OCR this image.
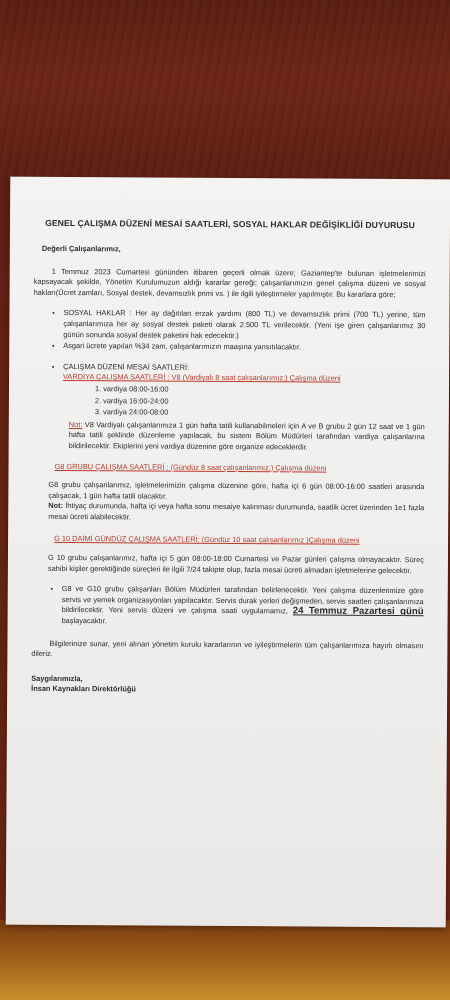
GENEL ÇALIŞMA DÜZENİ MESAİ SAATLERİ, SOSYAL HAKLAR DEĞİŞİKLİĞİ DUYURUSU
Değerli Çalışanlarımız,
1 Temmuz 2023 Cumartesi gününden itibaren geçerli olmak üzere; Gaziantep'te bulunan işletmelerimizi kapsayacak şekilde, Yönetim Kurulumuzun aldığı kararlar gereği; çalışanlarımızın genel çalışma düzeni ve sosyal hakları(Ücret zamları, Sosyal destek, devamsızlık primi vs. ) ile ilgili iyileştirmeler yapılmıştır. Bu kararlara göre;
• SOSYAL HAKLAR : Her ay dağıtılan erzak yardımı (800 TL) ve devamsızlık primi (700 TL) yerine, tüm çalışanlarımıza her ay sosyal destek paketi olarak 2.500 TL verilecektir. (Yeni işe giren çalışanlarımız 30 günün sonunda sosyal destek paketini hak edecektir.)
• Asgari ücrete yapılan %34 zam, çalışanlarımızın maaşına yansıtılacaktır.
• ÇALIŞMA DÜZENİ MESAİ SAATLERİ:
VARDİYA ÇALIŞMA SAATLERİ : V8 (Vardiyalı 8 saat çalışanlarımız;) Çalışma düzeni
1. vardiya 08:00-16:00
2. vardiya 16:00-24:00
3. vardiya 24:00-08:00
Not: V8 Vardiyalı çalışanlarımıza 1 gün hafta tatili kullanabilmeleri için A ve B grubu 2 gün 12 saat ve 1 gün hafta tatili şeklinde düzenleme yapılacak, bu sistem Bölüm Müdürleri tarafından vardiya çalışanlarına bildirilecektir. Ekiplerini yeni vardiya düzenine göre organize edeceklerdir.
G8 GRUBU ÇALIŞMA SAATLERİ : (Gündüz 8 saat çalışanlarımız;) Çalışma düzeni
G8 grubu çalışanlarımız, işletmelerimizin çalışma düzenine göre, hafta içi 6 gün 08:00-16:00 saatleri arasında çalışacak, 1 gün hafta tatili olacaktır.
Not: İhtiyaç durumunda, hafta içi veya hafta sonu mesaiye kalınması durumunda, saatlik ücret üzerinden 1e1 fazla mesai ücreti alabilecektir.
G 10 DAİMİ GÜNDÜZ ÇALIŞMA SAATLERİ: (Gündüz 10 saat çalışanlarımız )Çalışma düzeni
G 10 grubu çalışanlarımız, hafta içi 5 gün 08:00-18:00 Cumartesi ve Pazar günleri çalışma olmayacaktır. Süreç sahibi kişiler gerektiğinde süreçleri ile ilgili 7/24 takipte olup, fazla mesai ücreti almadan işletmelerine gelecektir.
• G8 ve G10 grubu çalışanları Bölüm Müdürleri tarafından belirlenecektir. Yeni çalışma düzenlerimize göre servis ve yemek organizasyonları yapılacaktır. Servis durak yerleri değişmeden, servis saatleri çalışanlarımıza bildirilecektir. Yeni servis düzeni ve çalışma saati uygulamamız, 24 Temmuz Pazartesi günü başlayacaktır.
Bilgilerinize sunar, yeni alınan yönetim kurulu kararlarının ve iyileştirmelerin tüm çalışanlarımıza hayırlı olmasını dileriz.
Saygılarımızla,
İnsan Kaynakları Direktörlüğü
